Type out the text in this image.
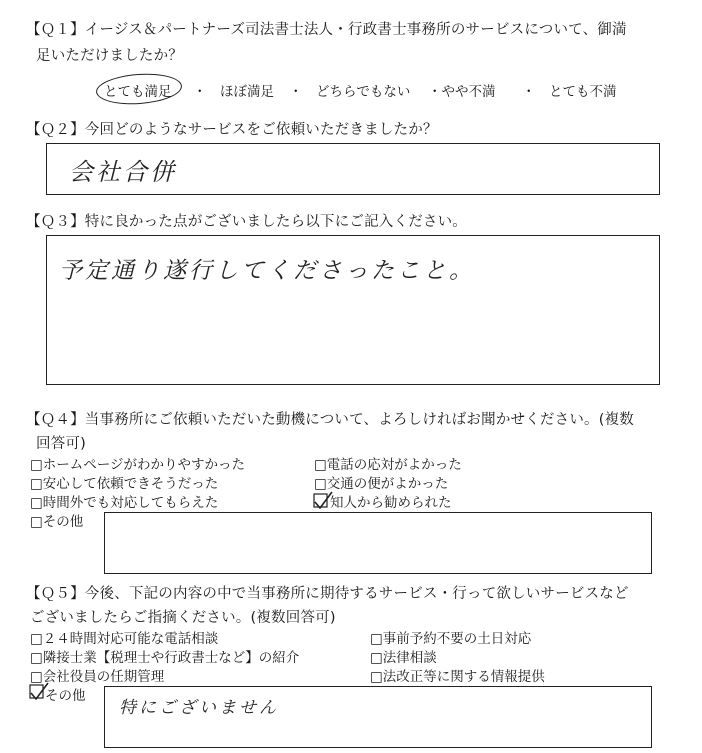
【Ｑ１】イージス＆パートナーズ司法書士法人・行政書士事務所のサービスについて、御満
足いただけましたか？
とても満足 ・　ほぼ満足 ・　どちらでもない ・やや不満 ・　とても不満
【Ｑ２】今回どのようなサービスをご依頼いただきましたか？
会社合併
【Ｑ３】特に良かった点がございましたら以下にご記入ください。
予定通り遂行してくださったこと。
【Ｑ４】当事務所にご依頼いただいた動機について、よろしければお聞かせください。(複数
回答可)
□ホームページがわかりやすかった
□安心して依頼できそうだった
□時間外でも対応してもらえた
□電話の応対がよかった
□交通の便がよかった
知人から勧められた
□その他
【Ｑ５】今後、下記の内容の中で当事務所に期待するサービス・行って欲しいサービスなど
ございましたらご指摘ください。(複数回答可)
□２４時間対応可能な電話相談
□隣接士業【税理士や行政書士など】の紹介
□会社役員の任期管理
□事前予約不要の土日対応
□法律相談
□法改正等に関する情報提供
その他
特にございません
